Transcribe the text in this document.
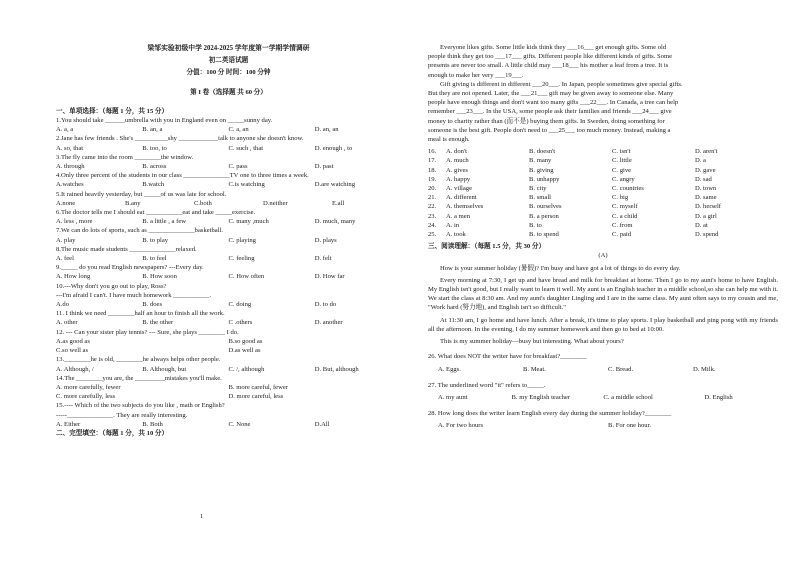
梁邹实验初级中学 2024-2025 学年度第一学期学情调研

初二英语试题

分值：100 分 时间：100 分钟

第 I 卷（选择题 共 60 分）

一、单项选择：（每题 1 分，共 15 分）

1.You should take ______umbrella with you in England even on _____sunny day.

A. a, a	B. an, a	C. a, an	D. an, an

2.Jane has few friends . She's __________shy ____________talk to anyone she doesn't know.

A. so, that	B. too, to	C. such , that	D. enough , to

3.The fly came into the room ________the window.

A. through	B. across	C. pass	D. past

4.Only three percent of the students in our class ______________TV one to three times a week.

A.watches	B.watch	C.is watching	D.are watching

5.It rained heavily yesterday, but _____of us was late for school.

A.none	B.any	C.both	D.neither	E.all

6.The doctor tells me I should eat ___________eat and take _____exercise.

A. less , more	B. a little , a few	C. many ,much	D. much, many

7.We can do lots of sports, such as ______________basketball.

A. play	B. to play	C. playing	D. plays

8.The music made students ______________relaxed.

A. feel	B. to feel	C. feeling	D. felt

9._____ do you read English newspapers? ---Every day.

A. How long	B. How soon	C. How often	D. How far

10.---Why don't you go out to play, Ross?

---I'm afraid I can't. I have much homework ___________.

A.do	B. does	C. doing	D. to do

11. I think we need ________half an hour to finish all the work.

A. other	B. the other	C .others	D. another

12. --- Can your sister play tennis? --- Sure, she plays ________ I do.

A.as good as	B.so good as
C.so well as	D.as well as

13.________he is old, ________he always helps other people.

A. Although, /	B. Although, but	C. /, although	D. But, although

14.The ________you are, the _________mistakes you'll make.

A. more carefully, fewer	B. more careful, fewer
C. more carefully, less	D. more careful, less

15.---- Which of the two subjects do you like , math or English?

-----______________. They are really interesting.

A. Either	B. Both	C. None	D.All

二、完型填空：（每题 1 分，共 10 分）

1

Everyone likes gifts. Some little kids think they ___16___ get enough gifts. Some old

people think they get too ___17___ gifts. Different people like different kinds of gifts. Some

presents are never too small. A little child may ___18___ his mother a leaf from a tree. It is

enough to make her very ___19___.

Gift giving is different in different ___20___. In Japan, people sometimes give special gifts.

But they are not opened. Later, the ___21___ gift may be given away to someone else. Many

people have enough things and don't want too many gifts ___22___. In Canada, a tree can help

remember ___23___. In the USA, some people ask their families and friends ___24___ give

money to charity rather than (而不是) buying them gifts. In Sweden, doing something for

someone is the best gift. People don't need to ___25___ too much money. Instead, making a

meal is enough.

16.	A. don't	B. doesn't	C. isn't	D. aren't
17.	A. much	B. many	C. little	D. a
18.	A. gives	B. giving	C. give	D. gave
19.	A. happy	B. unhappy	C. angry	D. sad
20.	A. village	B. city	C. countries	D. town
21.	A. different	B. small	C. big	D. same
22.	A. themselves	B. ourselves	C. myself	D. herself
23.	A. a men	B. a person	C. a child	D. a girl
24.	A. in	B. to	C. from	D. at
25.	A. took	B. to spend	C. paid	D. spend

三、阅读理解：（每题 1.5 分，共 30 分）

(A)

How is your summer holiday (暑假)? I'm busy and have got a lot of things to do every day.

Every morning at 7:30, I get up and have bread and milk for breakfast at home. Then I go to my aunt's home to have English. My English isn't good, but I really want to learn it well. My aunt is an English teacher in a middle school,so she can help me with it. We start the class at 8:30 am. And my aunt's daughter Lingling and I are in the same class. My aunt often says to my cousin and me, "Work hard (努力地), and English isn't so difficult."

At 11:30 am, I go home and have lunch. After a break, it's time to play sports. I play basketball and ping pong with my friends all the afternoon. In the evening, I do my summer homework and then go to bed at 10:00.

This is my summer holiday—busy but interesting. What about yours?

26. What does NOT the writer have for breakfast?________

A. Eggs.	B. Meat.	C. Bread.	D. Milk.

27. The underlined word "it" refers to_____.

A. my aunt	B. my English teacher	C. a middle school	D. English

28. How long does the writer learn English every day during the summer holiday?________

A. For two hours	B. For one hour.
